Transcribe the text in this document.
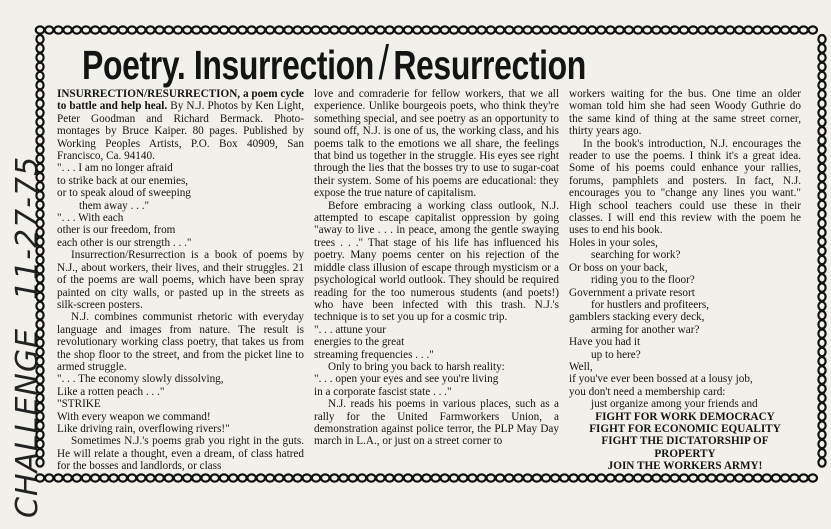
11-27-75
CHALLENGE
Poetry. Insurrection/ Resurrection

INSURRECTION/RESURRECTION, a poem cycle to battle and help heal. By N.J. Photos by Ken Light, Peter Goodman and Richard Bermack. Photo-montages by Bruce Kaiper. 80 pages. Published by Working Peoples Artists, P.O. Box 40909, San Francisco, Ca. 94140.

". . . I am no longer afraid

to strike back at our enemies,

or to speak aloud of sweeping

them away . . ."

". . . With each

other is our freedom, from

each other is our strength . . ."

Insurrection/Resurrection is a book of poems by N.J., about workers, their lives, and their struggles. 21 of the poems are wall poems, which have been spray painted on city walls, or pasted up in the streets as silk-screen posters.

N.J. combines communist rhetoric with everyday language and images from nature. The result is revolutionary working class poetry, that takes us from the shop floor to the street, and from the picket line to armed struggle.

". . . The economy slowly dissolving,

Like a rotten peach . . ."

"STRIKE

With every weapon we command!

Like driving rain, overflowing rivers!"

Sometimes N.J.'s poems grab you right in the guts. He will relate a thought, even a dream, of class hatred for the bosses and landlords, or class

love and comraderie for fellow workers, that we all experience. Unlike bourgeois poets, who think they're something special, and see poetry as an opportunity to sound off, N.J. is one of us, the working class, and his poems talk to the emotions we all share, the feelings that bind us together in the struggle. His eyes see right through the lies that the bosses try to use to sugar-coat their system. Some of his poems are educational: they expose the true nature of capitalism.

Before embracing a working class outlook, N.J. attempted to escape capitalist oppression by going "away to live . . . in peace, among the gentle swaying trees . . ." That stage of his life has influenced his poetry. Many poems center on his rejection of the middle class illusion of escape through mysticism or a psychological world outlook. They should be required reading for the too numerous students (and poets!) who have been infected with this trash. N.J.'s technique is to set you up for a cosmic trip.

". . . attune your

energies to the great

streaming frequencies . . ."

Only to bring you back to harsh reality:

". . . open your eyes and see you're living

in a corporate fascist state . . ."

N.J. reads his poems in various places, such as a rally for the United Farmworkers Union, a demonstration against police terror, the PLP May Day march in L.A., or just on a street corner to

workers waiting for the bus. One time an older woman told him she had seen Woody Guthrie do the same kind of thing at the same street corner, thirty years ago.

In the book's introduction, N.J. encourages the reader to use the poems. I think it's a great idea. Some of his poems could enhance your rallies, forums, pamphlets and posters. In fact, N.J. encourages you to "change any lines you want." High school teachers could use these in their classes. I will end this review with the poem he uses to end his book.

Holes in your soles,

searching for work?

Or boss on your back,

riding you to the floor?

Government a private resort

for hustlers and profiteers,

gamblers stacking every deck,

arming for another war?

Have you had it

up to here?

Well,

if you've ever been bossed at a lousy job,

you don't need a membership card:

just organize among your friends and

FIGHT FOR WORK DEMOCRACY

FIGHT FOR ECONOMIC EQUALITY

FIGHT THE DICTATORSHIP OF

PROPERTY

JOIN THE WORKERS ARMY!
